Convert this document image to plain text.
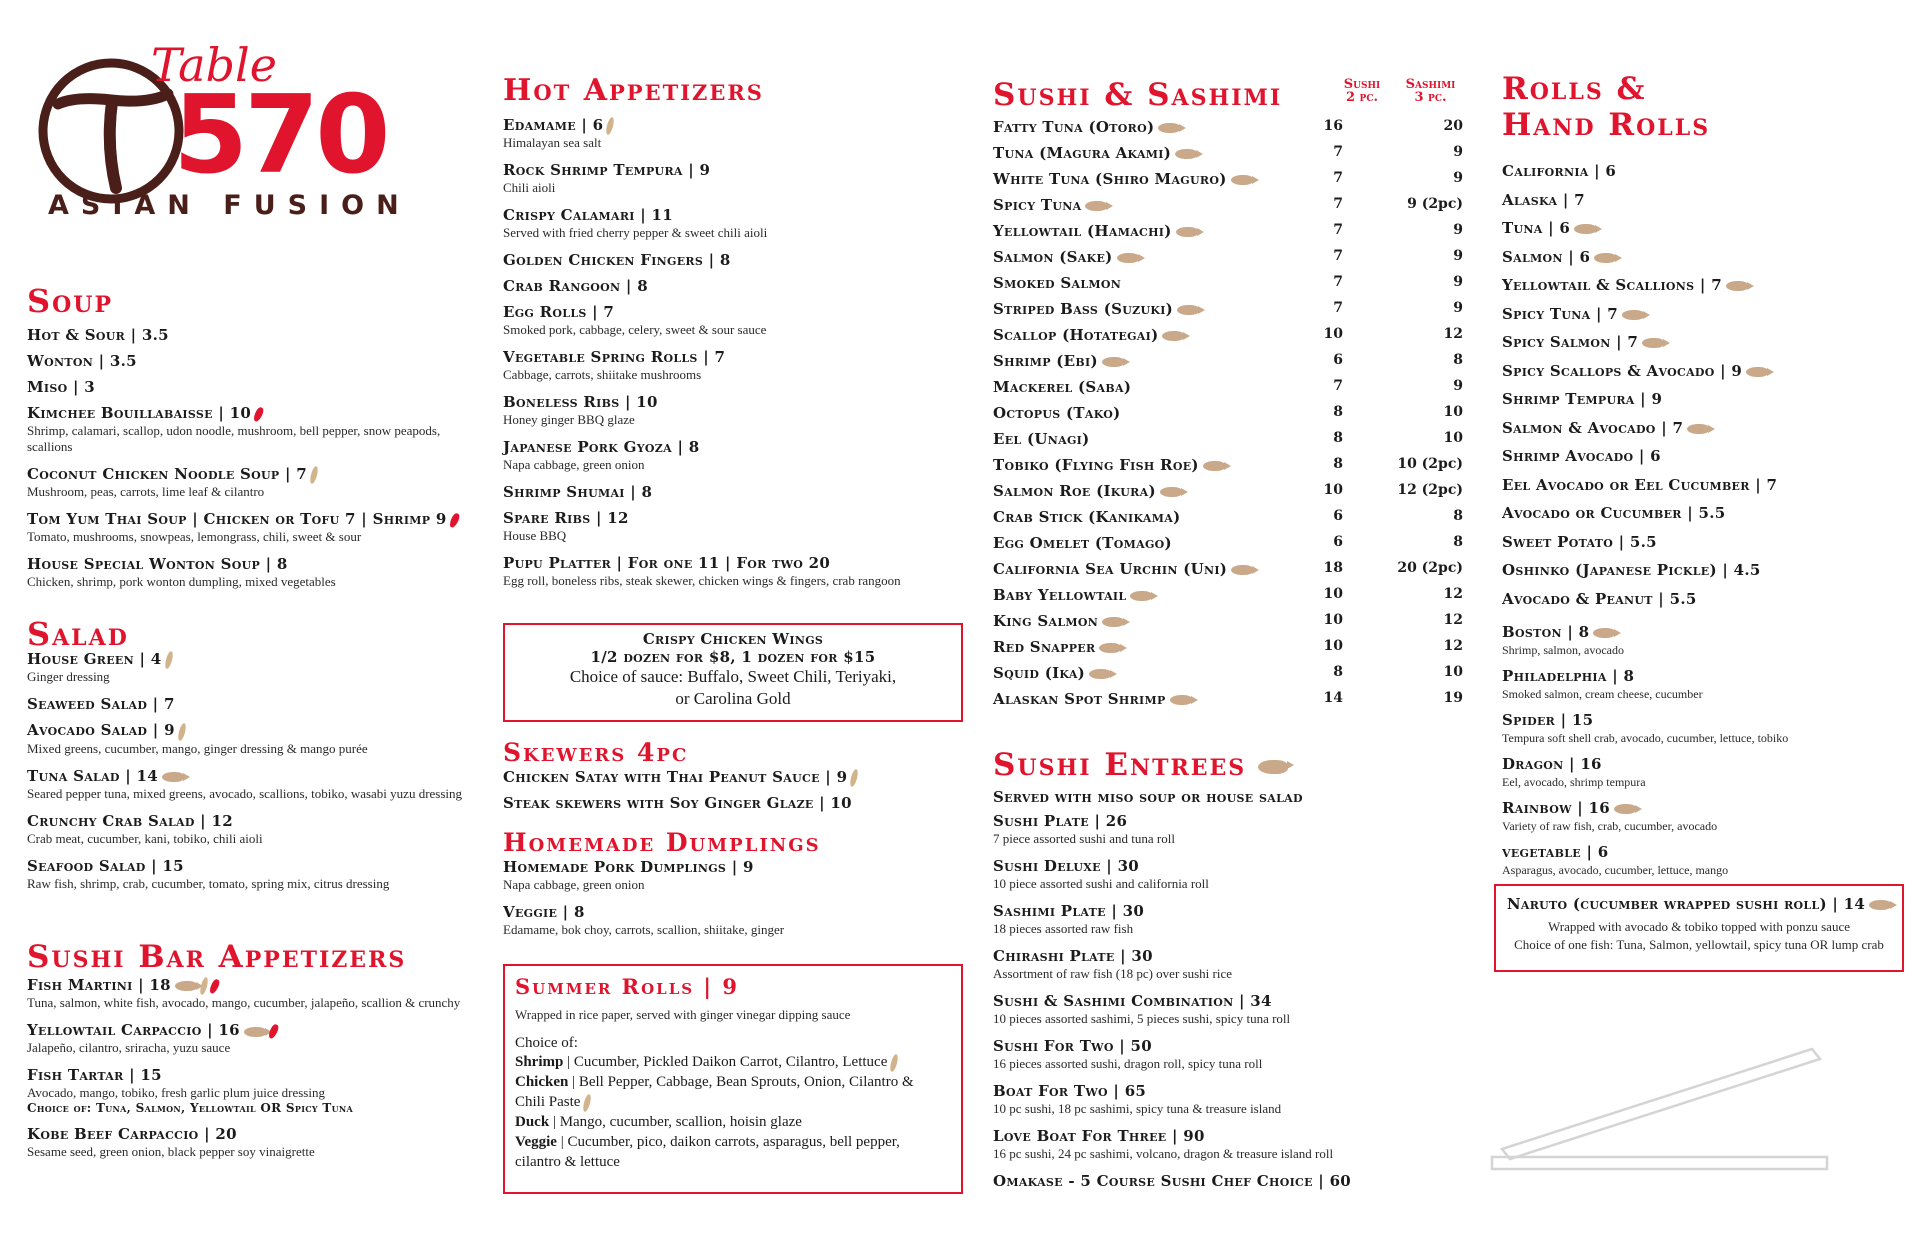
Table
570
ASIAN FUSION
Soup
Hot & Sour | 3.5
Wonton | 3.5
Miso | 3
Kimchee Bouillabaisse | 10
Shrimp, calamari, scallop, udon noodle, mushroom, bell pepper, snow peapods, scallions
Coconut Chicken Noodle Soup | 7
Mushroom, peas, carrots, lime leaf & cilantro
Tom Yum Thai Soup | Chicken or Tofu 7 | Shrimp 9
Tomato, mushrooms, snowpeas, lemongrass, chili, sweet & sour
House Special Wonton Soup | 8
Chicken, shrimp, pork wonton dumpling, mixed vegetables
Salad
House Green | 4
Ginger dressing
Seaweed Salad | 7
Avocado Salad | 9
Mixed greens, cucumber, mango, ginger dressing & mango purée
Tuna Salad | 14
Seared pepper tuna, mixed greens, avocado, scallions, tobiko, wasabi yuzu dressing
Crunchy Crab Salad | 12
Crab meat, cucumber, kani, tobiko, chili aioli
Seafood Salad | 15
Raw fish, shrimp, crab, cucumber, tomato, spring mix, citrus dressing
Sushi Bar Appetizers
Fish Martini | 18
Tuna, salmon, white fish, avocado, mango, cucumber, jalapeño, scallion & crunchy
Yellowtail Carpaccio | 16
Jalapeño, cilantro, sriracha, yuzu sauce
Fish Tartar | 15
Avocado, mango, tobiko, fresh garlic plum juice dressing
Choice of: Tuna, Salmon, Yellowtail OR Spicy Tuna
Kobe Beef Carpaccio | 20
Sesame seed, green onion, black pepper soy vinaigrette
Hot Appetizers
Edamame | 6
Himalayan sea salt
Rock Shrimp Tempura | 9
Chili aioli
Crispy Calamari | 11
Served with fried cherry pepper & sweet chili aioli
Golden Chicken Fingers | 8
Crab Rangoon | 8
Egg Rolls | 7
Smoked pork, cabbage, celery, sweet & sour sauce
Vegetable Spring Rolls | 7
Cabbage, carrots, shiitake mushrooms
Boneless Ribs | 10
Honey ginger BBQ glaze
Japanese Pork Gyoza | 8
Napa cabbage, green onion
Shrimp Shumai | 8
Spare Ribs | 12
House BBQ
Pupu Platter | For one 11 | For two 20
Egg roll, boneless ribs, steak skewer, chicken wings & fingers, crab rangoon
Crispy Chicken Wings
1/2 dozen for $8, 1 dozen for $15
Choice of sauce: Buffalo, Sweet Chili, Teriyaki,
or Carolina Gold
Skewers 4pc
Chicken Satay with Thai Peanut Sauce | 9
Steak skewers with Soy Ginger Glaze | 10
Homemade Dumplings
Homemade Pork Dumplings | 9
Napa cabbage, green onion
Veggie | 8
Edamame, bok choy, carrots, scallion, shiitake, ginger
Summer Rolls | 9
Wrapped in rice paper, served with ginger vinegar dipping sauce
Choice of:
Shrimp | Cucumber, Pickled Daikon Carrot, Cilantro, Lettuce
Chicken | Bell Pepper, Cabbage, Bean Sprouts, Onion, Cilantro & Chili Paste
Duck | Mango, cucumber, scallion, hoisin glaze
Veggie | Cucumber, pico, daikon carrots, asparagus, bell pepper, cilantro & lettuce
Sushi & Sashimi	Sushi
2 pc.
Sashimi
3 pc.
Fatty Tuna (Otoro)	16	20
Tuna (Magura Akami)	7	9
White Tuna (Shiro Maguro)	7	9
Spicy Tuna	7	9 (2pc)
Yellowtail (Hamachi)	7	9
Salmon (Sake)	7	9
Smoked Salmon	7	9
Striped Bass (Suzuki)	7	9
Scallop (Hotategai)	10	12
Shrimp (Ebi)	6	8
Mackerel (Saba)	7	9
Octopus (Tako)	8	10
Eel (Unagi)	8	10
Tobiko (Flying Fish Roe)	8	10 (2pc)
Salmon Roe (Ikura)	10	12 (2pc)
Crab Stick (Kanikama)	6	8
Egg Omelet (Tomago)	6	8
California Sea Urchin (Uni)	18	20 (2pc)
Baby Yellowtail	10	12
King Salmon	10	12
Red Snapper	10	12
Squid (Ika)	8	10
Alaskan Spot Shrimp	14	19
Sushi Entrees
Served with miso soup or house salad
Sushi Plate | 26
7 piece assorted sushi and tuna roll
Sushi Deluxe | 30
10 piece assorted sushi and california roll
Sashimi Plate | 30
18 pieces assorted raw fish
Chirashi Plate | 30
Assortment of raw fish (18 pc) over sushi rice
Sushi & Sashimi Combination | 34
10 pieces assorted sashimi, 5 pieces sushi, spicy tuna roll
Sushi For Two | 50
16 pieces assorted sushi, dragon roll, spicy tuna roll
Boat For Two | 65
10 pc sushi, 18 pc sashimi, spicy tuna & treasure island
Love Boat For Three | 90
16 pc sushi, 24 pc sashimi, volcano, dragon & treasure island roll
Omakase - 5 Course Sushi Chef Choice | 60
Rolls &
Hand Rolls
California | 6
Alaska | 7
Tuna | 6
Salmon | 6
Yellowtail & Scallions | 7
Spicy Tuna | 7
Spicy Salmon | 7
Spicy Scallops & Avocado | 9
Shrimp Tempura | 9
Salmon & Avocado | 7
Shrimp Avocado | 6
Eel Avocado or Eel Cucumber | 7
Avocado or Cucumber | 5.5
Sweet Potato | 5.5
Oshinko (Japanese Pickle) | 4.5
Avocado & Peanut | 5.5
Boston | 8
Shrimp, salmon, avocado
Philadelphia | 8
Smoked salmon, cream cheese, cucumber
Spider | 15
Tempura soft shell crab, avocado, cucumber, lettuce, tobiko
Dragon | 16
Eel, avocado, shrimp tempura
Rainbow | 16
Variety of raw fish, crab, cucumber, avocado
vegetable | 6
Asparagus, avocado, cucumber, lettuce, mango
Naruto (cucumber wrapped sushi roll) | 14
Wrapped with avocado & tobiko topped with ponzu sauce
Choice of one fish: Tuna, Salmon, yellowtail, spicy tuna OR lump crab
